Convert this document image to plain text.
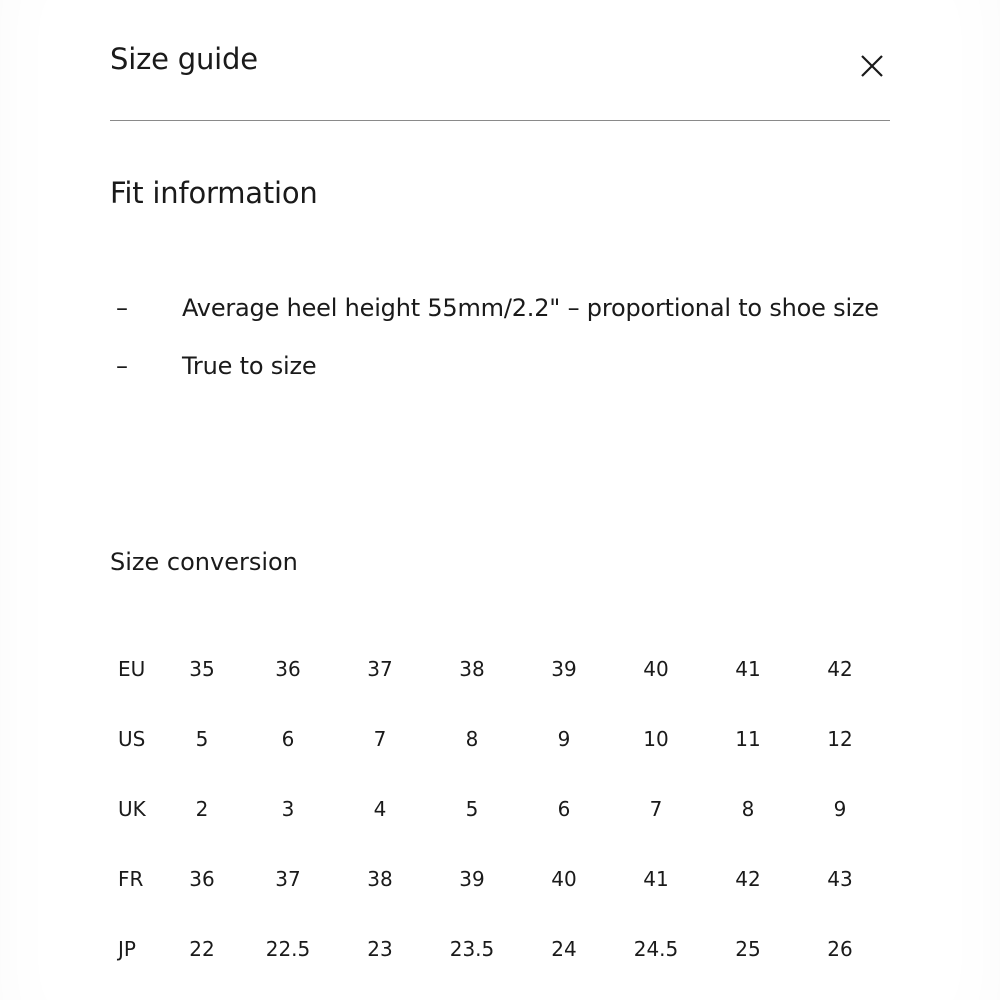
Size guide
Fit information
– Average heel height 55mm/2.2" – proportional to shoe size
– True to size
Size conversion
EU	35	36	37	38	39	40	41	42
US	5	6	7	8	9	10	11	12
UK	2	3	4	5	6	7	8	9
FR	36	37	38	39	40	41	42	43
JP	22	22.5	23	23.5	24	24.5	25	26
